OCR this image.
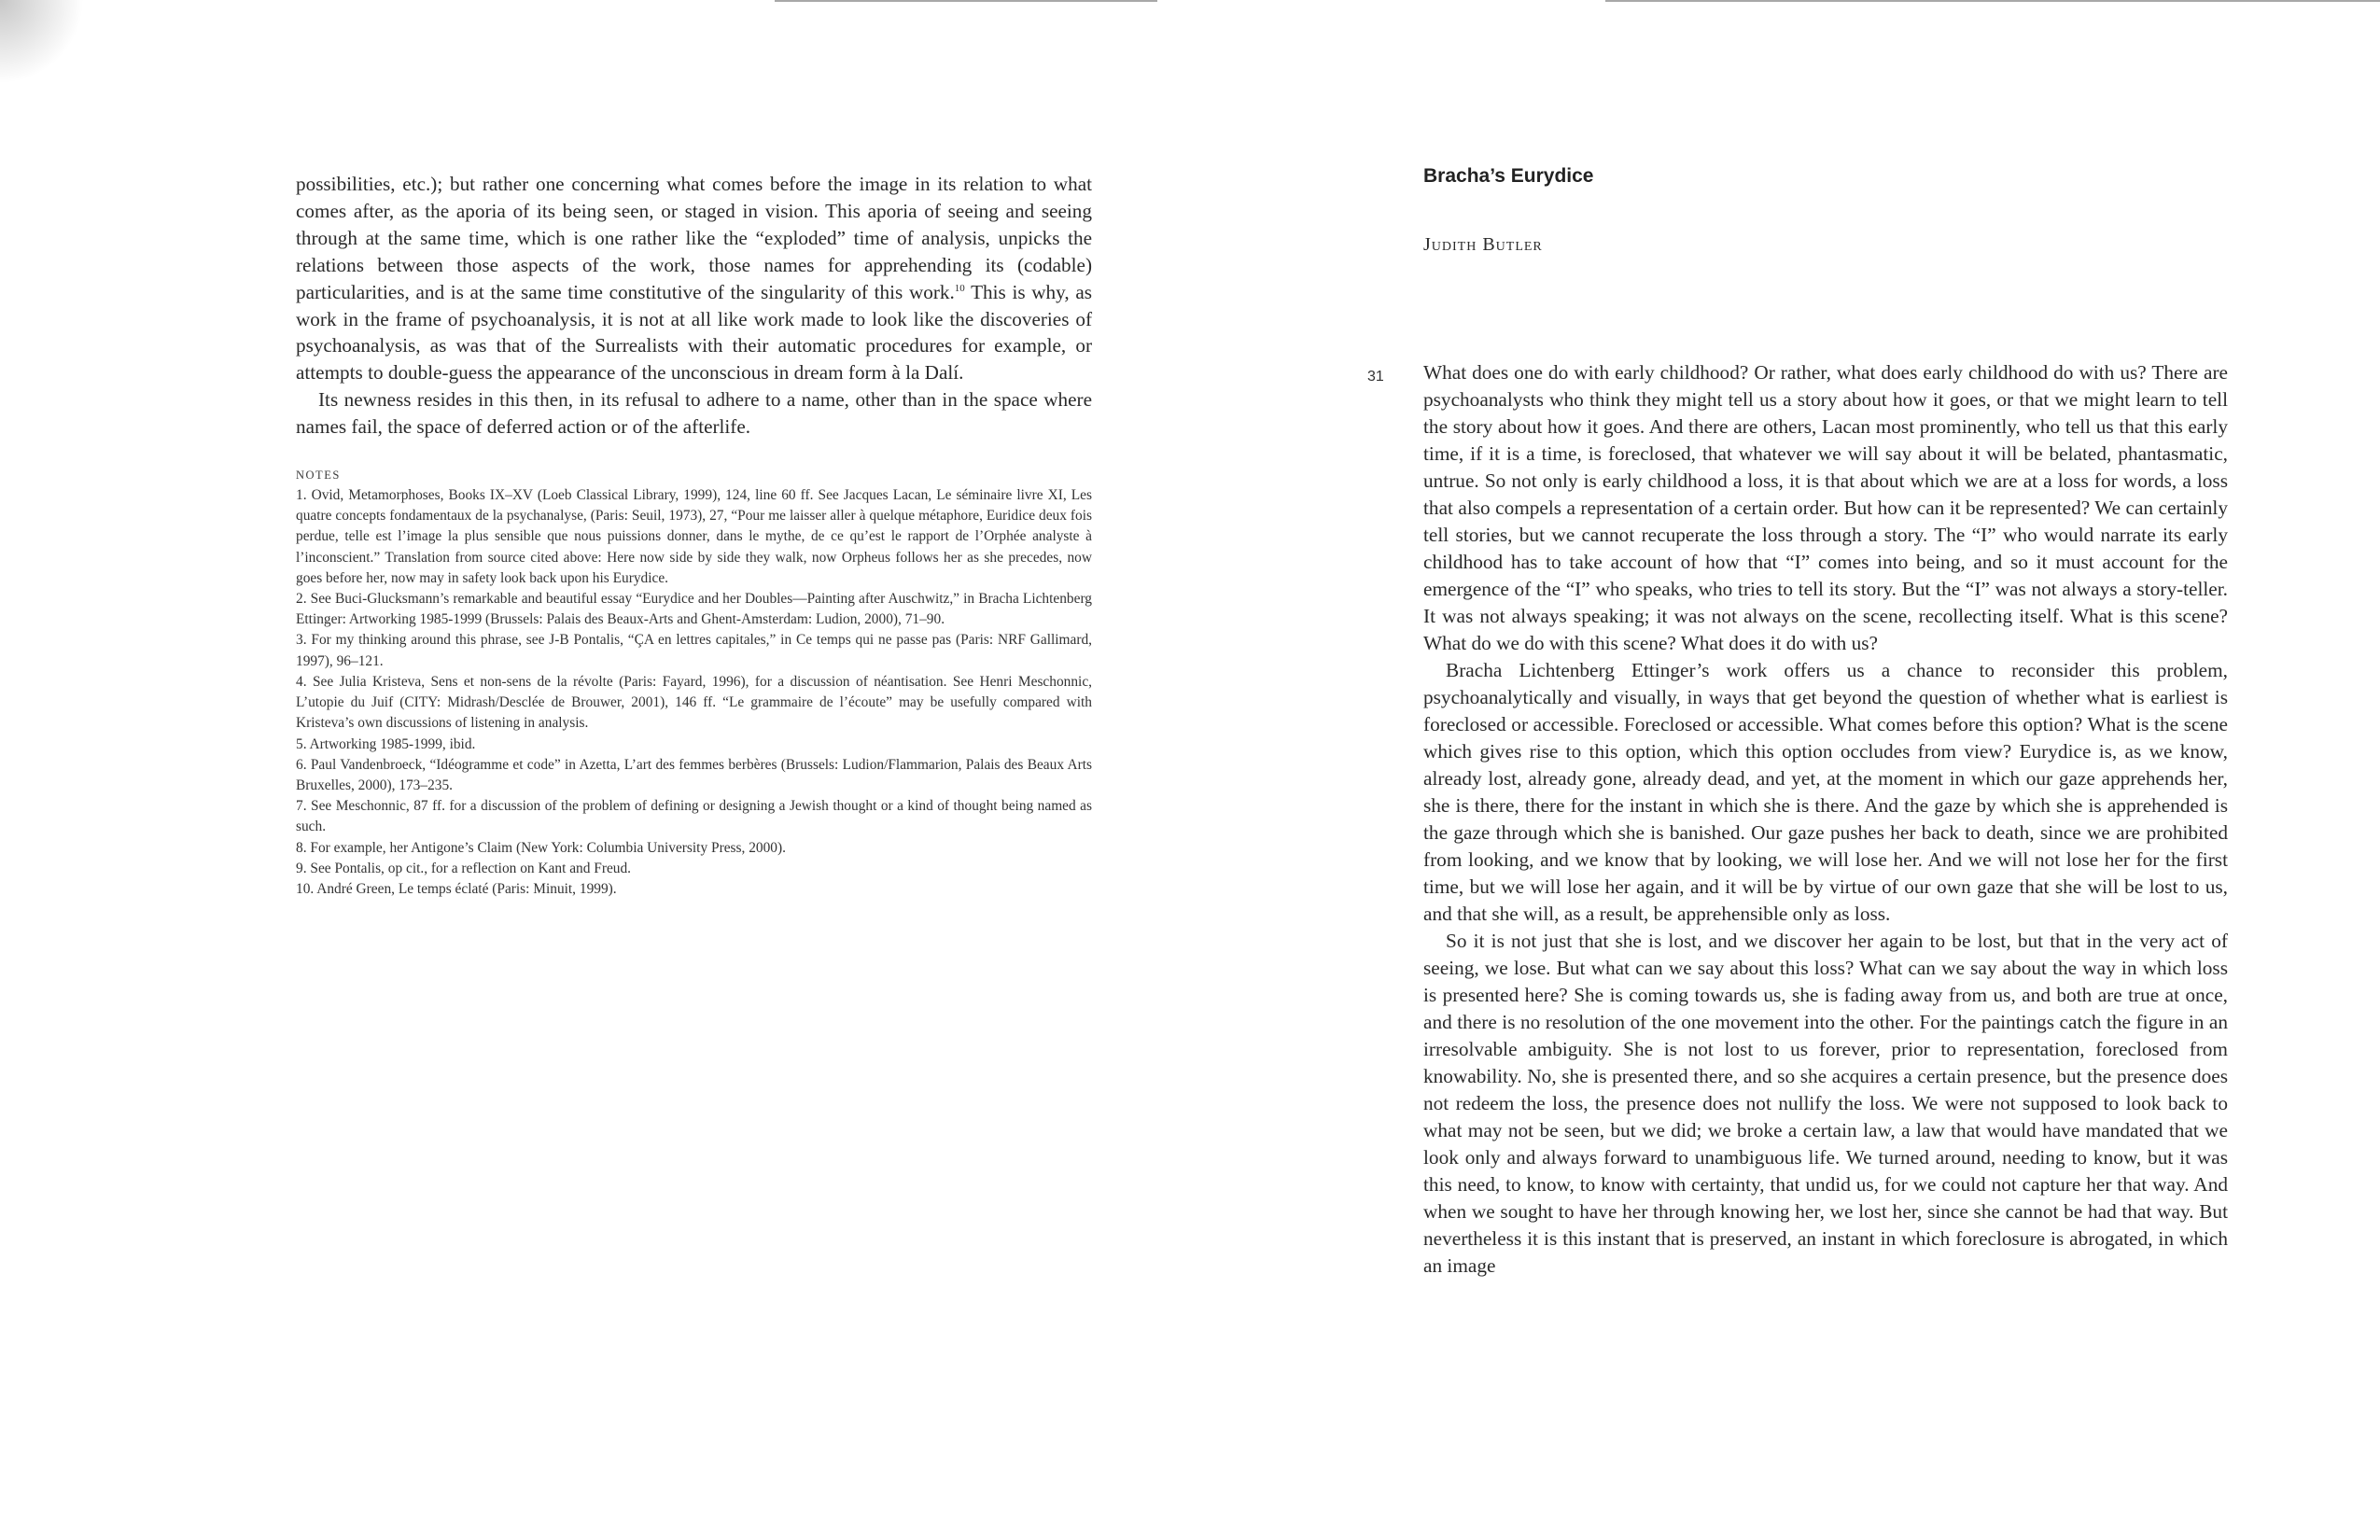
possibilities, etc.); but rather one concerning what comes before the image in its relation to what comes after, as the aporia of its being seen, or staged in vision. This aporia of seeing and seeing through at the same time, which is one rather like the “exploded” time of analysis, unpicks the relations between those aspects of the work, those names for apprehending its (codable) particularities, and is at the same time constitutive of the singularity of this work.$^{10}$ This is why, as work in the frame of psychoanalysis, it is not at all like work made to look like the discoveries of psychoanalysis, as was that of the Surrealists with their automatic procedures for example, or attempts to double-guess the appearance of the unconscious in dream form à la Dalí.

Its newness resides in this then, in its refusal to adhere to a name, other than in the space where names fail, the space of deferred action or of the afterlife.

NOTES

1. Ovid, Metamorphoses, Books IX–XV (Loeb Classical Library, 1999), 124, line 60 ff. See Jacques Lacan, Le séminaire livre XI, Les quatre concepts fondamentaux de la psychanalyse, (Paris: Seuil, 1973), 27, “Pour me laisser aller à quelque métaphore, Euridice deux fois perdue, telle est l’image la plus sensible que nous puissions donner, dans le mythe, de ce qu’est le rapport de l’Orphée analyste à l’inconscient.” Translation from source cited above: Here now side by side they walk, now Orpheus follows her as she precedes, now goes before her, now may in safety look back upon his Eurydice.

2. See Buci-Glucksmann’s remarkable and beautiful essay “Eurydice and her Doubles—Painting after Auschwitz,” in Bracha Lichtenberg Ettinger: Artworking 1985-1999 (Brussels: Palais des Beaux-Arts and Ghent-Amsterdam: Ludion, 2000), 71–90.

3. For my thinking around this phrase, see J-B Pontalis, “ÇA en lettres capitales,” in Ce temps qui ne passe pas (Paris: NRF Gallimard, 1997), 96–121.

4. See Julia Kristeva, Sens et non-sens de la révolte (Paris: Fayard, 1996), for a discussion of néantisation. See Henri Meschonnic, L’utopie du Juif (CITY: Midrash/Desclée de Brouwer, 2001), 146 ff. “Le grammaire de l’écoute” may be usefully compared with Kristeva’s own discussions of listening in analysis.

5. Artworking 1985-1999, ibid.

6. Paul Vandenbroeck, “Idéogramme et code” in Azetta, L’art des femmes berbères (Brussels: Ludion/Flammarion, Palais des Beaux Arts Bruxelles, 2000), 173–235.

7. See Meschonnic, 87 ff. for a discussion of the problem of defining or designing a Jewish thought or a kind of thought being named as such.

8. For example, her Antigone’s Claim (New York: Columbia University Press, 2000).

9. See Pontalis, op cit., for a reflection on Kant and Freud.

10. André Green, Le temps éclaté (Paris: Minuit, 1999).

31
Bracha’s Eurydice

Judith Butler

What does one do with early childhood? Or rather, what does early childhood do with us? There are psychoanalysts who think they might tell us a story about how it goes, or that we might learn to tell the story about how it goes. And there are others, Lacan most prominently, who tell us that this early time, if it is a time, is foreclosed, that whatever we will say about it will be belated, phantasmatic, untrue. So not only is early childhood a loss, it is that about which we are at a loss for words, a loss that also compels a representation of a certain order. But how can it be represented? We can certainly tell stories, but we cannot recuperate the loss through a story. The “I” who would narrate its early childhood has to take account of how that “I” comes into being, and so it must account for the emergence of the “I” who speaks, who tries to tell its story. But the “I” was not always a story-teller. It was not always speaking; it was not always on the scene, recollecting itself. What is this scene? What do we do with this scene? What does it do with us?

Bracha Lichtenberg Ettinger’s work offers us a chance to reconsider this problem, psychoanalytically and visually, in ways that get beyond the question of whether what is earliest is foreclosed or accessible. Foreclosed or accessible. What comes before this option? What is the scene which gives rise to this option, which this option occludes from view? Eurydice is, as we know, already lost, already gone, already dead, and yet, at the moment in which our gaze apprehends her, she is there, there for the instant in which she is there. And the gaze by which she is apprehended is the gaze through which she is banished. Our gaze pushes her back to death, since we are prohibited from looking, and we know that by looking, we will lose her. And we will not lose her for the first time, but we will lose her again, and it will be by virtue of our own gaze that she will be lost to us, and that she will, as a result, be apprehensible only as loss.

So it is not just that she is lost, and we discover her again to be lost, but that in the very act of seeing, we lose. But what can we say about this loss? What can we say about the way in which loss is presented here? She is coming towards us, she is fading away from us, and both are true at once, and there is no resolution of the one movement into the other. For the paintings catch the figure in an irresolvable ambiguity. She is not lost to us forever, prior to representation, foreclosed from knowability. No, she is presented there, and so she acquires a certain presence, but the presence does not redeem the loss, the presence does not nullify the loss. We were not supposed to look back to what may not be seen, but we did; we broke a certain law, a law that would have mandated that we look only and always forward to unambiguous life. We turned around, needing to know, but it was this need, to know, to know with certainty, that undid us, for we could not capture her that way. And when we sought to have her through knowing her, we lost her, since she cannot be had that way. But nevertheless it is this instant that is preserved, an instant in which foreclosure is abrogated, in which an image
